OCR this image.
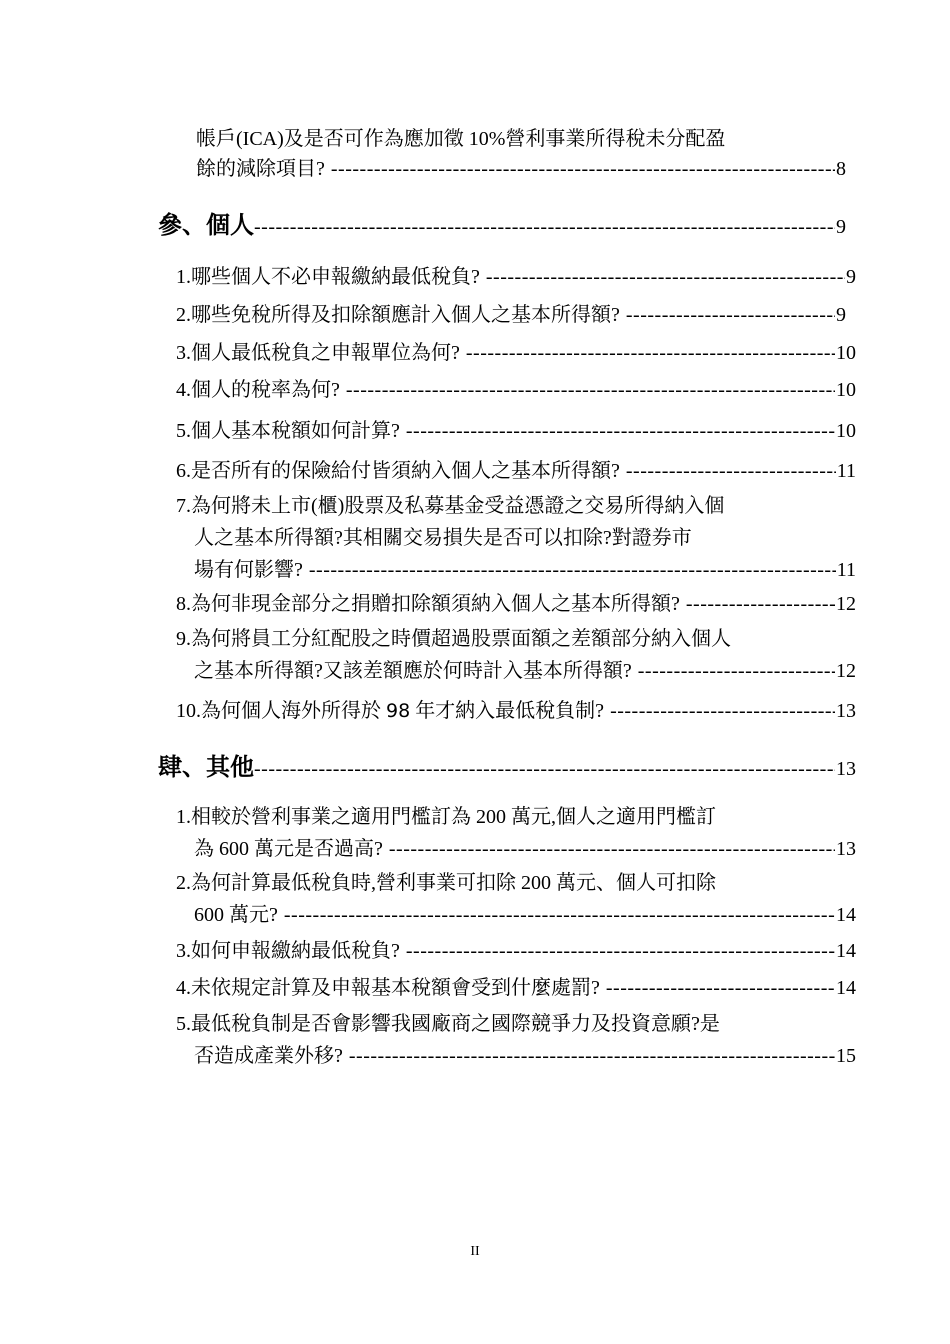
帳戶(ICA)及是否可作為應加徵 10%營利事業所得稅未分配盈
餘的減除項目? -----	8
參、個人 -----	9
1.哪些個人不必申報繳納最低稅負? -----	9
2.哪些免稅所得及扣除額應計入個人之基本所得額? -----	9
3.個人最低稅負之申報單位為何? -----	10
4.個人的稅率為何? -----	10
5.個人基本稅額如何計算? -----	10
6.是否所有的保險給付皆須納入個人之基本所得額? -----	11
7.為何將未上市(櫃)股票及私募基金受益憑證之交易所得納入個
人之基本所得額?其相關交易損失是否可以扣除?對證券市
場有何影響? -----	11
8.為何非現金部分之捐贈扣除額須納入個人之基本所得額? -----	12
9.為何將員工分紅配股之時價超過股票面額之差額部分納入個人
之基本所得額?又該差額應於何時計入基本所得額? -----	12
10.為何個人海外所得於 98 年才納入最低稅負制? -----	13
肆、其他 -----	13
1.相較於營利事業之適用門檻訂為 200 萬元,個人之適用門檻訂
為 600 萬元是否過高? -----	13
2.為何計算最低稅負時,營利事業可扣除 200 萬元、個人可扣除
600 萬元? -----	14
3.如何申報繳納最低稅負? -----	14
4.未依規定計算及申報基本稅額會受到什麼處罰? -----	14
5.最低稅負制是否會影響我國廠商之國際競爭力及投資意願?是
否造成產業外移? -----	15
II
